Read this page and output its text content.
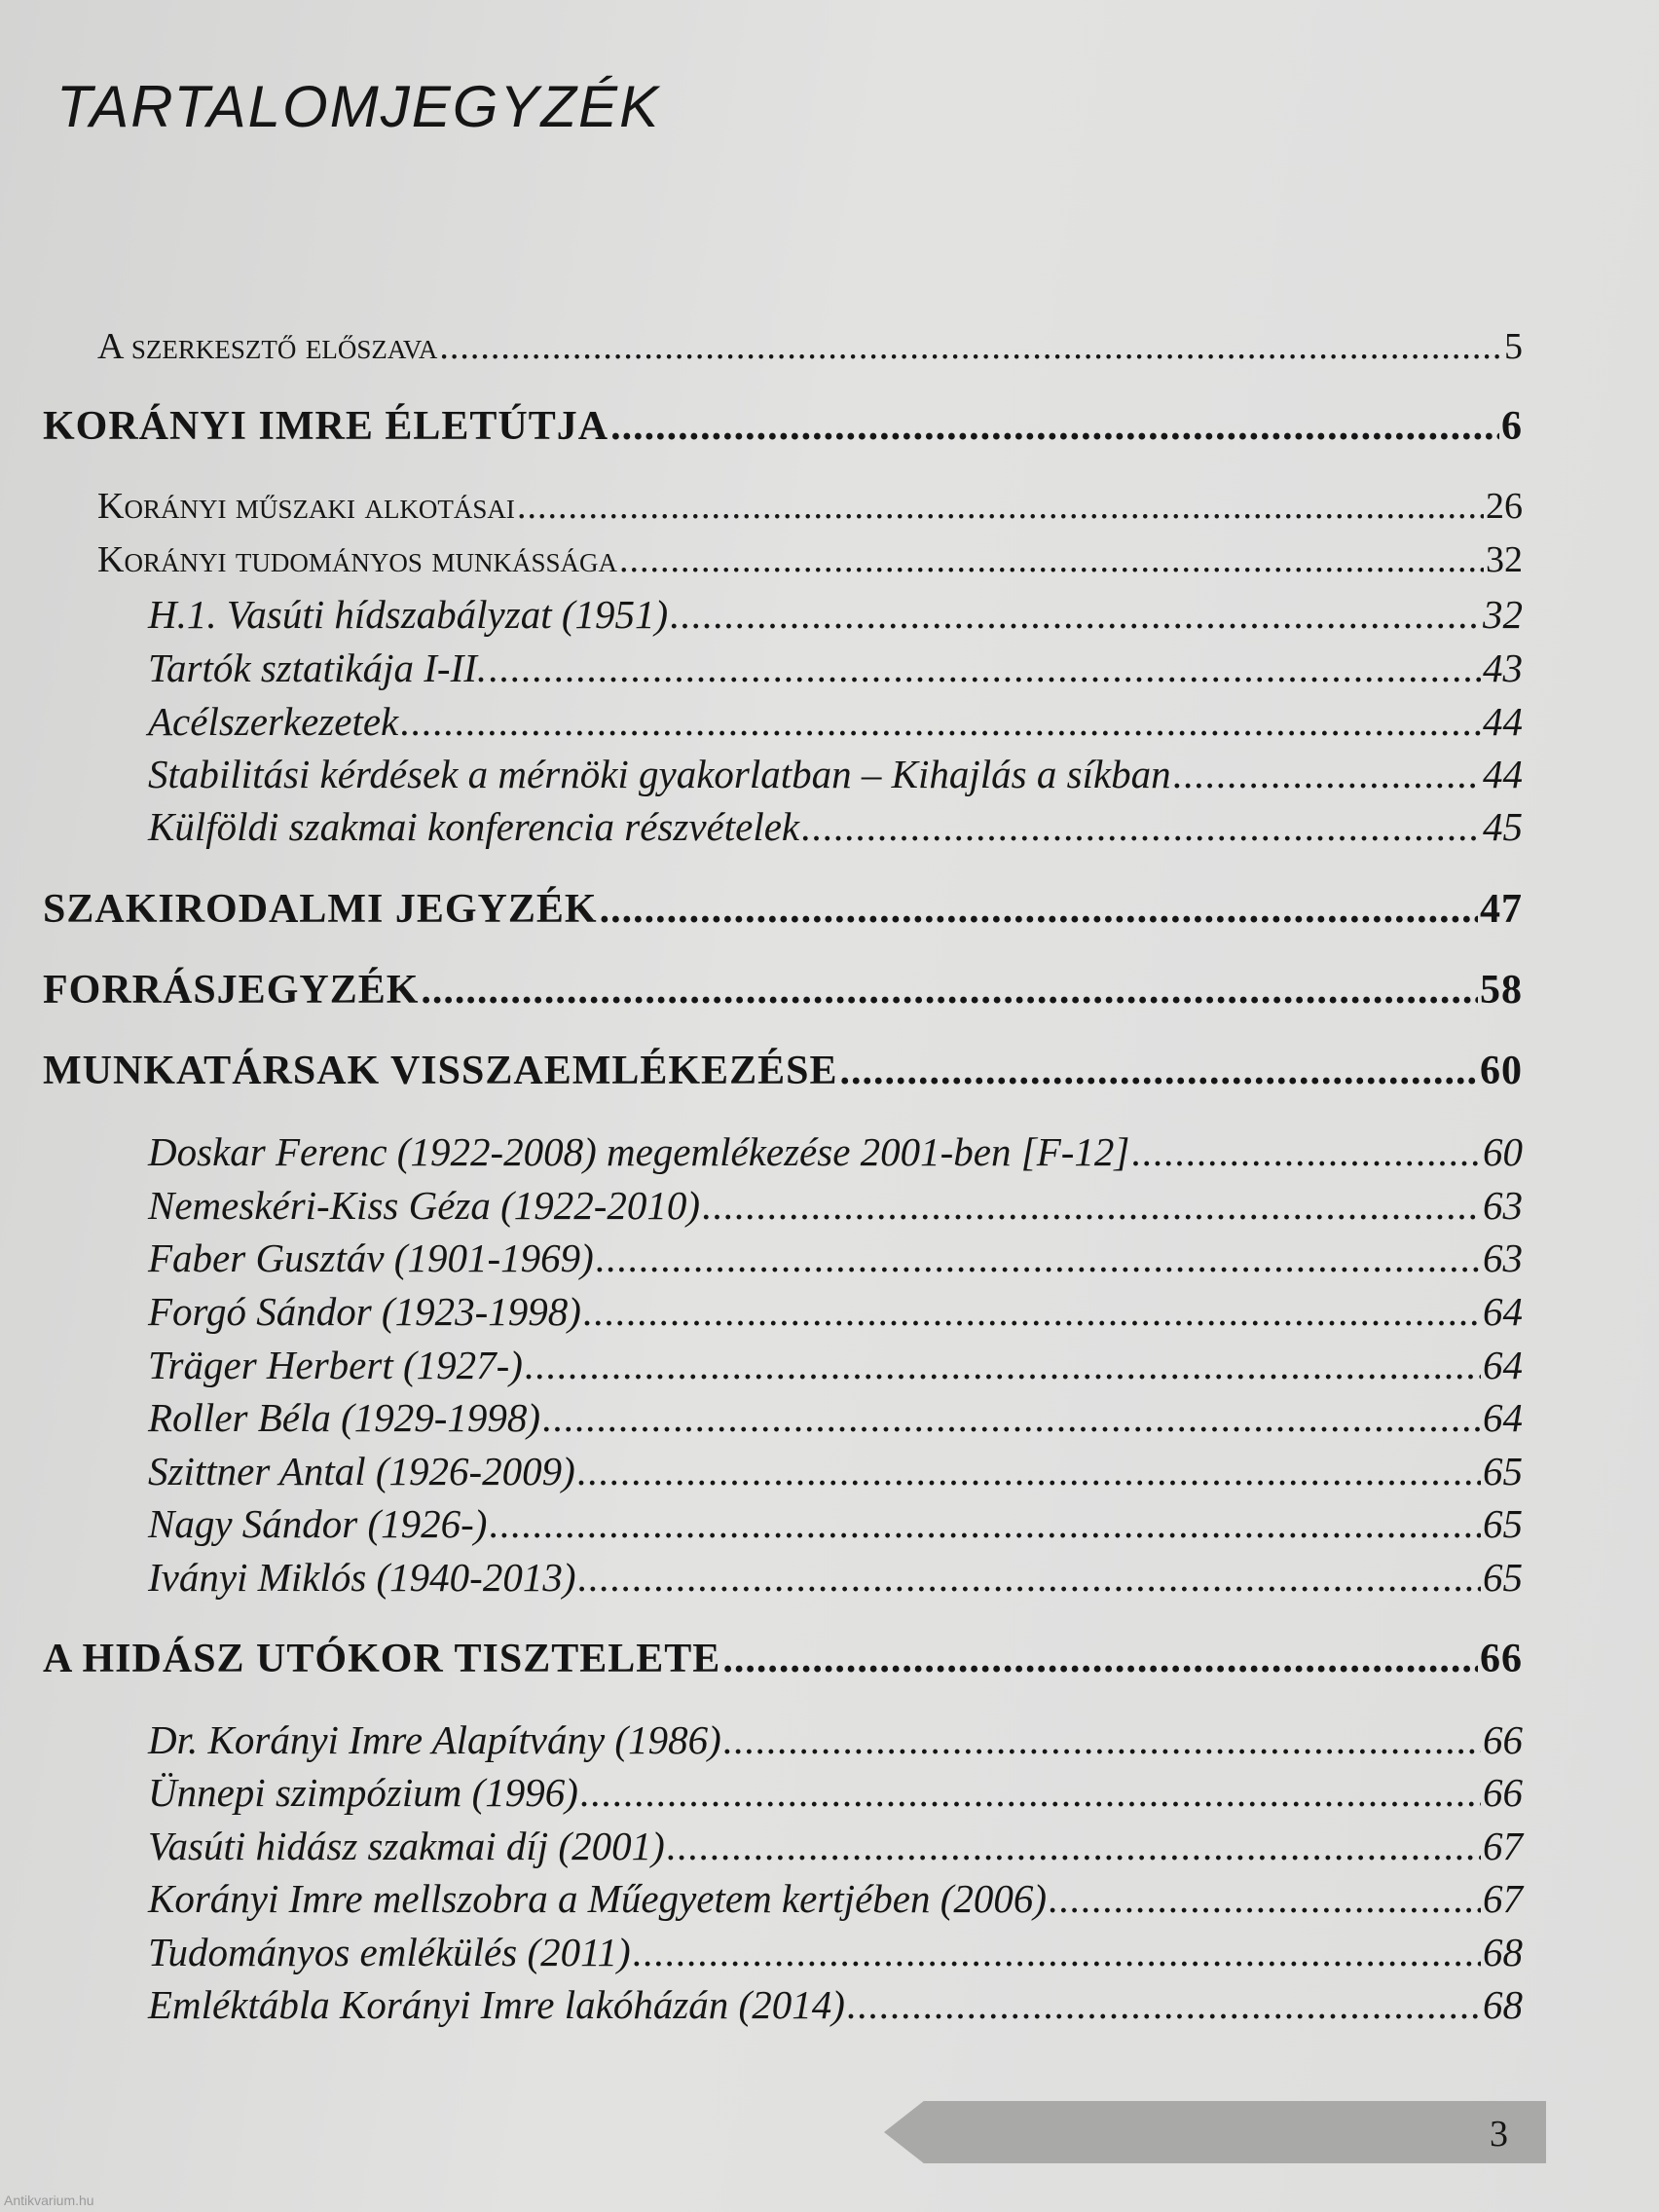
TARTALOMJEGYZÉK
A szerkesztő előszava .....	5
KORÁNYI IMRE ÉLETÚTJA .....	6
Korányi műszaki alkotásai .....	26
Korányi tudományos munkássága .....	32
H.1. Vasúti hídszabályzat (1951) .....	32
Tartók sztatikája I-II. .....	43
Acélszerkezetek .....	44
Stabilitási kérdések a mérnöki gyakorlatban – Kihajlás a síkban .....	44
Külföldi szakmai konferencia részvételek .....	45
SZAKIRODALMI JEGYZÉK .....	47
FORRÁSJEGYZÉK .....	58
MUNKATÁRSAK VISSZAEMLÉKEZÉSE .....	60
Doskar Ferenc (1922-2008) megemlékezése 2001-ben [F-12] .....	60
Nemeskéri-Kiss Géza (1922-2010) .....	63
Faber Gusztáv (1901-1969) .....	63
Forgó Sándor (1923-1998) .....	64
Träger Herbert (1927-) .....	64
Roller Béla (1929-1998) .....	64
Szittner Antal (1926-2009) .....	65
Nagy Sándor (1926-) .....	65
Iványi Miklós (1940-2013) .....	65
A HIDÁSZ UTÓKOR TISZTELETE .....	66
Dr. Korányi Imre Alapítvány (1986) .....	66
Ünnepi szimpózium (1996) .....	66
Vasúti hidász szakmai díj (2001) .....	67
Korányi Imre mellszobra a Műegyetem kertjében (2006) .....	67
Tudományos emlékülés (2011) .....	68
Emléktábla Korányi Imre lakóházán (2014) .....	68
3
Antikvarium.hu
